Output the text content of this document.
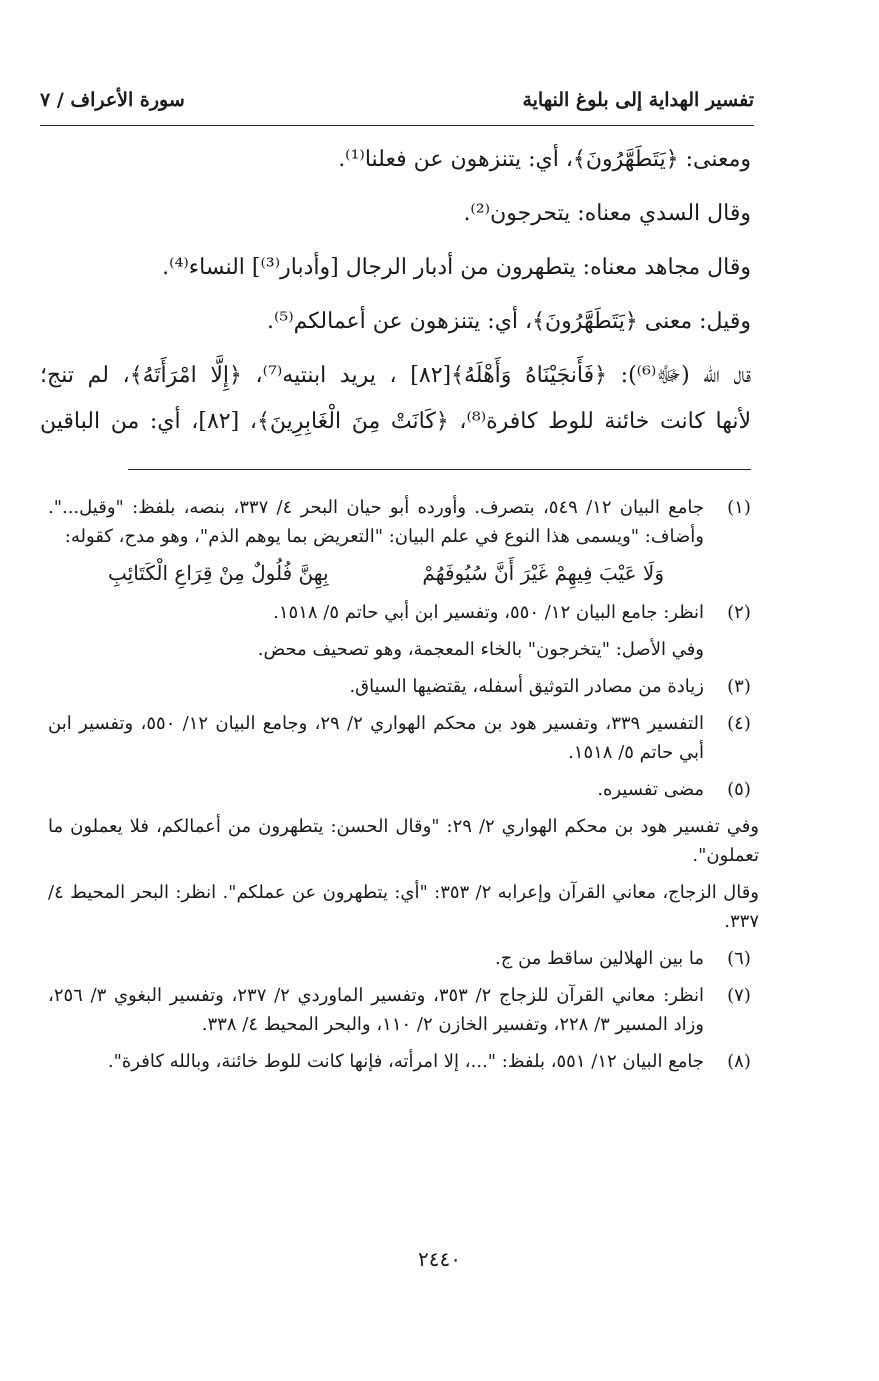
تفسير الهداية إلى بلوغ النهاية
سورة الأعراف / ٧

ومعنى: ﴿يَتَطَهَّرُونَ﴾، أي: يتنزهون عن فعلنا⁽¹⁾.

وقال السدي معناه: يتحرجون⁽²⁾.

وقال مجاهد معناه: يتطهرون من أدبار الرجال [وأدبار⁽³⁾] النساء⁽⁴⁾.

وقيل: معنى ﴿يَتَطَهَّرُونَ﴾، أي: يتنزهون عن أعمالكم⁽⁵⁾.

قال الله (ﷻ⁽⁶⁾): ﴿فَأَنجَيْنَاهُ وَأَهْلَهُ﴾[٨٢] ، يريد ابنتيه⁽⁷⁾، ﴿إِلَّا امْرَأَتَهُ﴾، لم تنج؛

لأنها كانت خائنة للوط كافرة⁽⁸⁾، ﴿كَانَتْ مِنَ الْغَابِرِينَ﴾، [٨٢]، أي: من الباقين

(١)
جامع البيان ١٢/ ٥٤٩، بتصرف. وأورده أبو حيان البحر ٤/ ٣٣٧، بنصه، بلفظ: "وقيل...". وأضاف: "ويسمى هذا النوع في علم البيان: "التعريض بما يوهم الذم"، وهو مدح، كقوله:
وَلَا عَيْبَ فِيهِمْ غَيْرَ أَنَّ سُيُوفَهُمْ
بِهِنَّ فُلُولٌ مِنْ قِرَاعِ الْكَتَائِبِ
(٢)
انظر: جامع البيان ١٢/ ٥٥٠، وتفسير ابن أبي حاتم ٥/ ١٥١٨.
وفي الأصل: "يتخرجون" بالخاء المعجمة، وهو تصحيف محض.
(٣)
زيادة من مصادر التوثيق أسفله، يقتضيها السياق.
(٤)
التفسير ٣٣٩، وتفسير هود بن محكم الهواري ٢/ ٢٩، وجامع البيان ١٢/ ٥٥٠، وتفسير ابن أبي حاتم ٥/ ١٥١٨.
(٥)
مضى تفسيره.
وفي تفسير هود بن محكم الهواري ٢/ ٢٩: "وقال الحسن: يتطهرون من أعمالكم، فلا يعملون ما تعملون".
وقال الزجاج، معاني القرآن وإعرابه ٢/ ٣٥٣: "أي: يتطهرون عن عملكم". انظر: البحر المحيط ٤/ ٣٣٧.
(٦)
ما بين الهلالين ساقط من ج.
(٧)
انظر: معاني القرآن للزجاج ٢/ ٣٥٣، وتفسير الماوردي ٢/ ٢٣٧، وتفسير البغوي ٣/ ٢٥٦، وزاد المسير ٣/ ٢٢٨، وتفسير الخازن ٢/ ١١٠، والبحر المحيط ٤/ ٣٣٨.
(٨)
جامع البيان ١٢/ ٥٥١، بلفظ: "...، إلا امرأته، فإنها كانت للوط خائنة، وبالله كافرة".
٢٤٤٠
